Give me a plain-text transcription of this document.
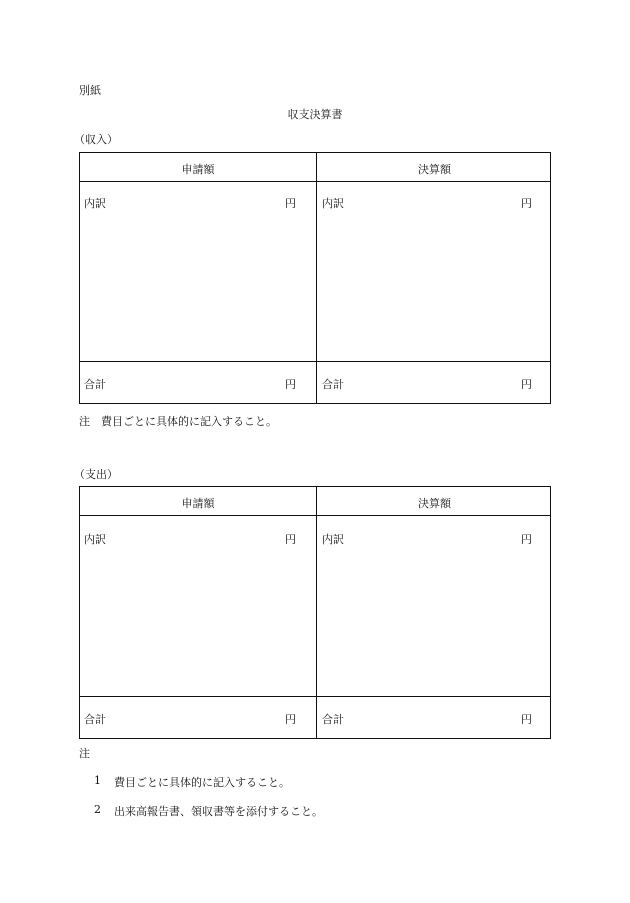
別紙
収支決算書
（収入）
申請額	決算額
内訳	円 内訳	円
合計	円 合計	円
注　費目ごとに具体的に記入すること。
（支出）
申請額	決算額
内訳	円 内訳	円
合計	円 合計	円
注
1 費目ごとに具体的に記入すること。
2 出来高報告書、領収書等を添付すること。
